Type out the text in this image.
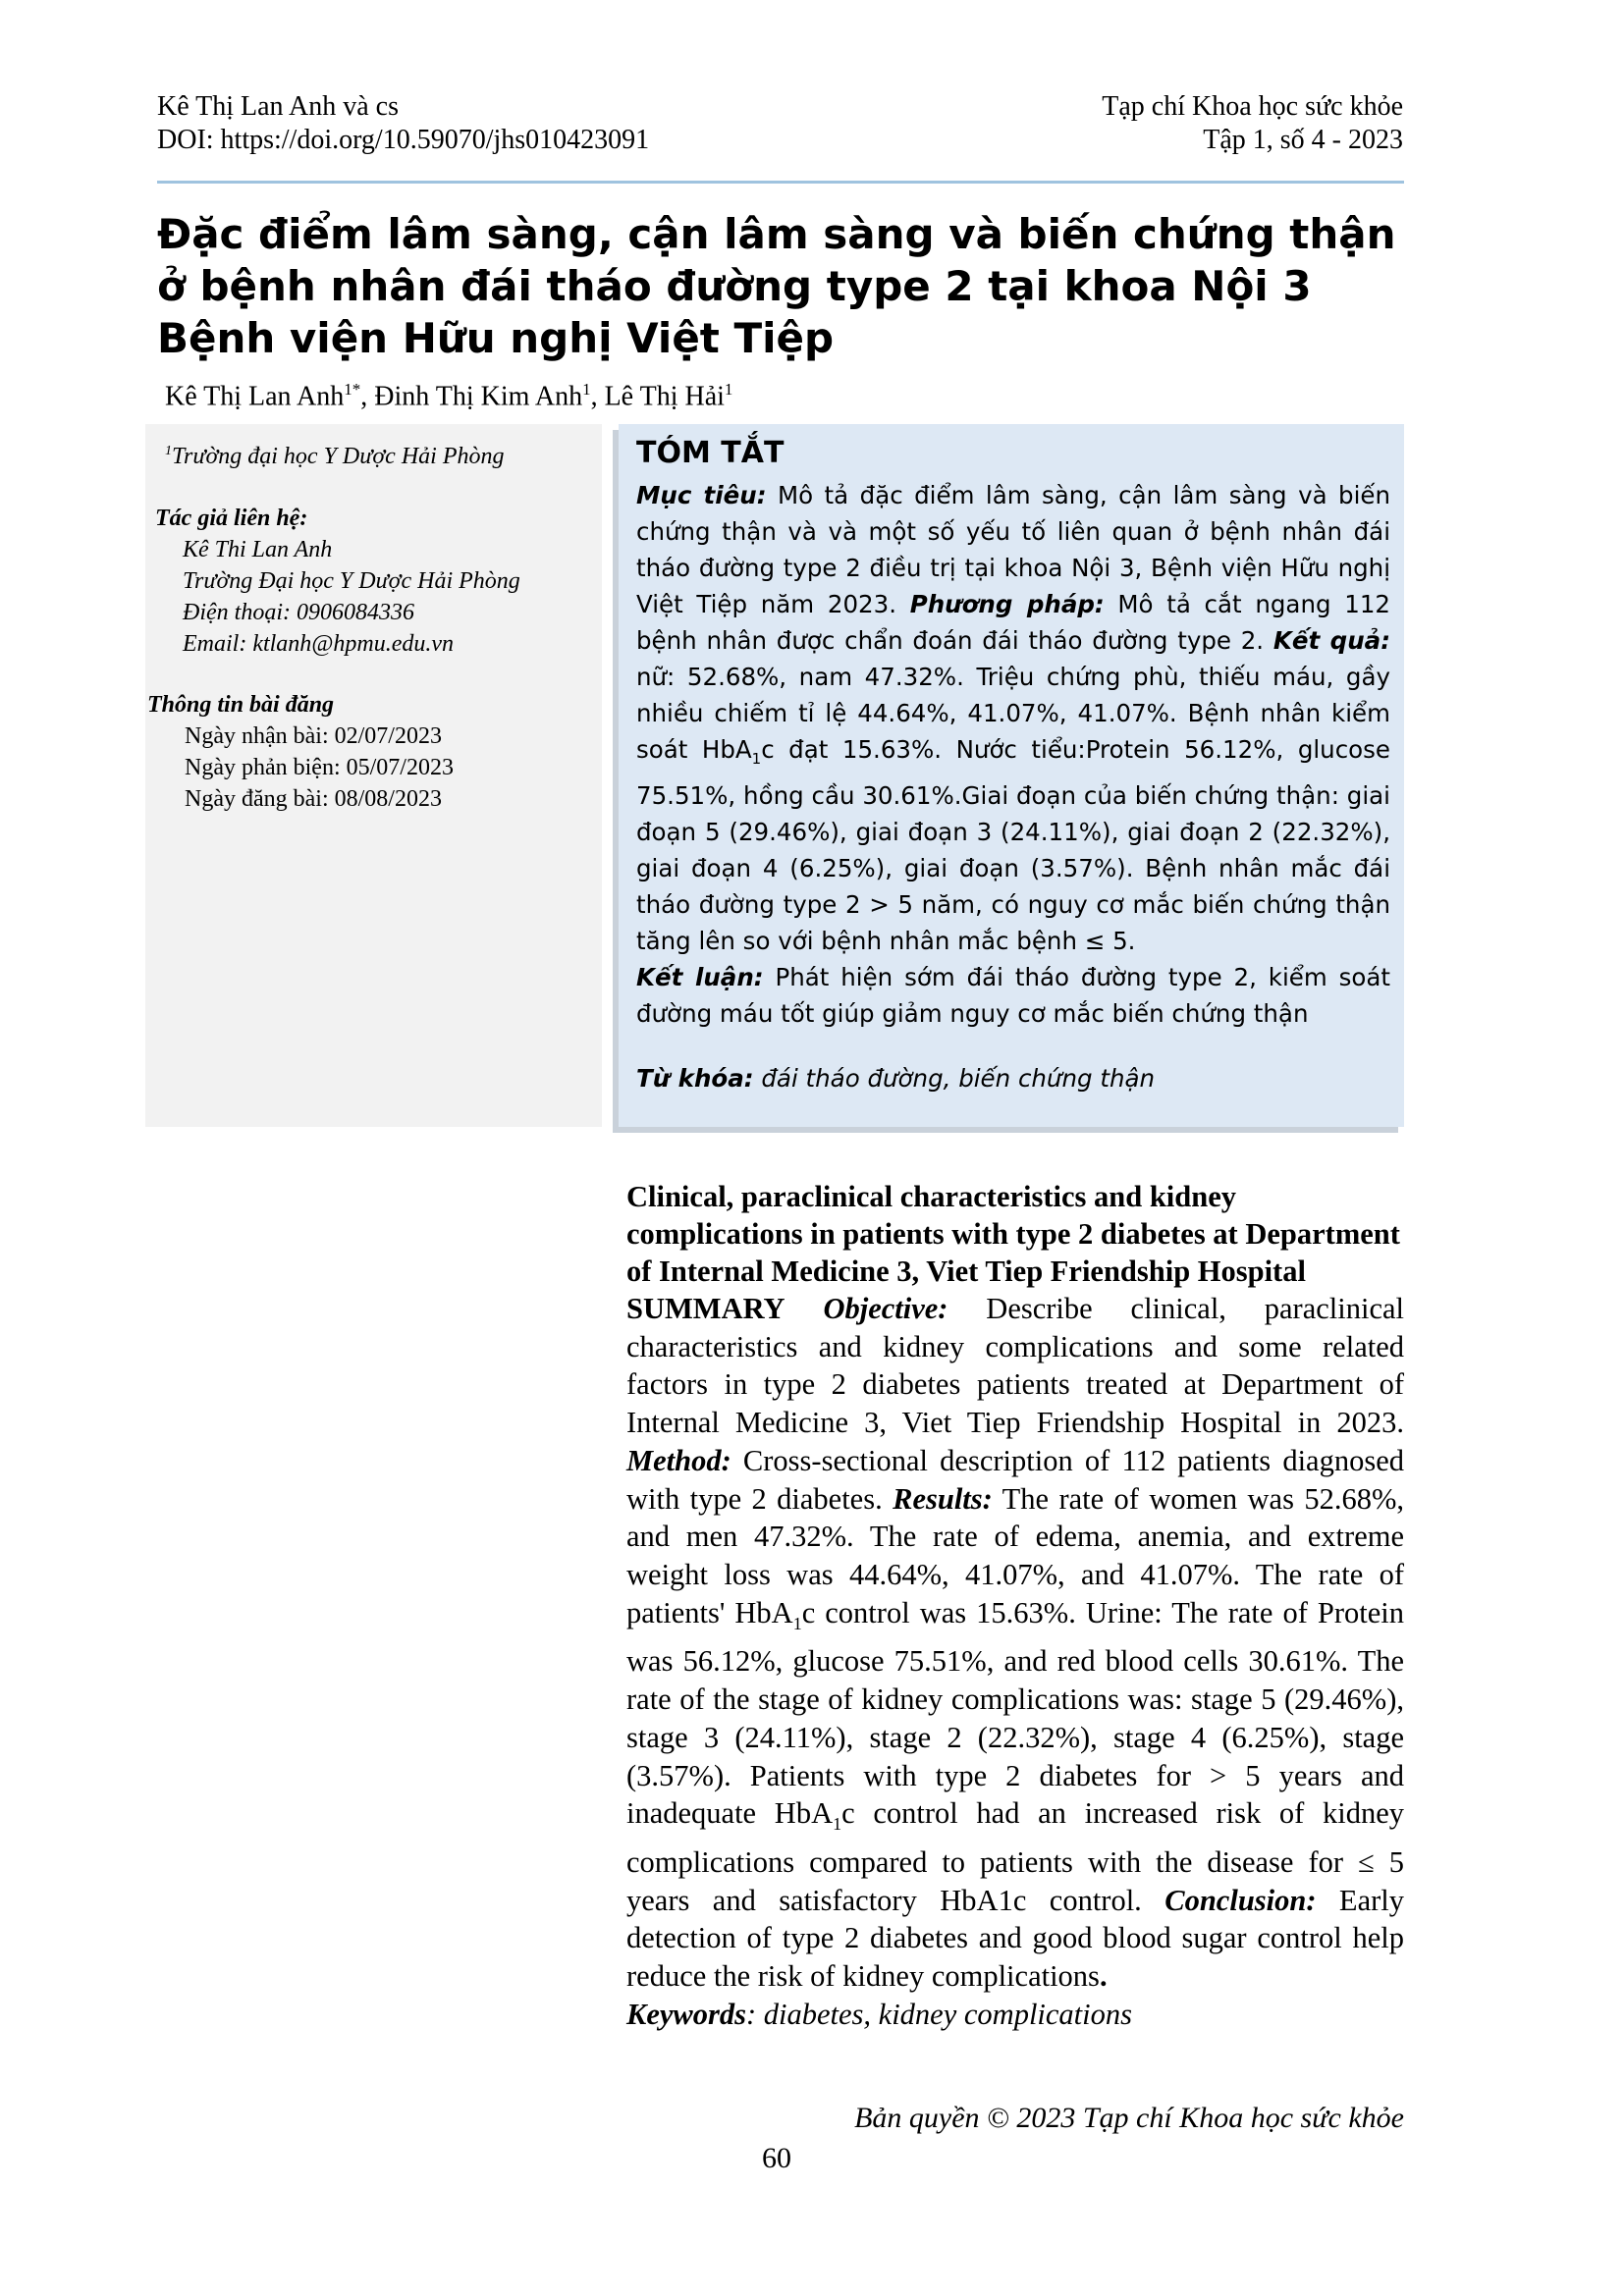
Kê Thị Lan Anh và cs	Tạp chí Khoa học sức khỏe
DOI: https://doi.org/10.59070/jhs010423091	Tập 1, số 4 - 2023
Đặc điểm lâm sàng, cận lâm sàng và biến chứng thận ở bệnh nhân đái tháo đường type 2 tại khoa Nội 3 Bệnh viện Hữu nghị Việt Tiệp
Kê Thị Lan Anh$^{1*}$, Đinh Thị Kim Anh$^1$, Lê Thị Hải$^1$
$^1$Trường đại học Y Dược Hải Phòng
Tác giả liên hệ:
Kê Thi Lan Anh
Trường Đại học Y Dược Hải Phòng
Điện thoại: 0906084336
Email: ktlanh@hpmu.edu.vn
Thông tin bài đăng
Ngày nhận bài: 02/07/2023
Ngày phản biện: 05/07/2023
Ngày đăng bài: 08/08/2023
TÓM TẮT

Mục tiêu: Mô tả đặc điểm lâm sàng, cận lâm sàng và biến chứng thận và và một số yếu tố liên quan ở bệnh nhân đái tháo đường type 2 điều trị tại khoa Nội 3, Bệnh viện Hữu nghị Việt Tiệp năm 2023. Phương pháp: Mô tả cắt ngang 112 bệnh nhân được chẩn đoán đái tháo đường type 2. Kết quả: nữ: 52.68%, nam 47.32%. Triệu chứng phù, thiếu máu, gầy nhiều chiếm tỉ lệ 44.64%, 41.07%, 41.07%. Bệnh nhân kiểm soát HbA$_1$c đạt 15.63%. Nước tiểu:Protein 56.12%, glucose 75.51%, hồng cầu 30.61%.Giai đoạn của biến chứng thận: giai đoạn 5 (29.46%), giai đoạn 3 (24.11%), giai đoạn 2 (22.32%), giai đoạn 4 (6.25%), giai đoạn (3.57%). Bệnh nhân mắc đái tháo đường type 2 > 5 năm, có nguy cơ mắc biến chứng thận tăng lên so với bệnh nhân mắc bệnh ≤ 5.
Kết luận: Phát hiện sớm đái tháo đường type 2, kiểm soát đường máu tốt giúp giảm nguy cơ mắc biến chứng thận

Từ khóa: đái tháo đường, biến chứng thận
Clinical, paraclinical characteristics and kidney complications in patients with type 2 diabetes at Department of Internal Medicine 3, Viet Tiep Friendship Hospital

SUMMARY Objective: Describe clinical, paraclinical characteristics and kidney complications and some related factors in type 2 diabetes patients treated at Department of Internal Medicine 3, Viet Tiep Friendship Hospital in 2023. Method: Cross-sectional description of 112 patients diagnosed with type 2 diabetes. Results: The rate of women was 52.68%, and men 47.32%. The rate of edema, anemia, and extreme weight loss was 44.64%, 41.07%, and 41.07%. The rate of patients' HbA$_1$c control was 15.63%. Urine: The rate of Protein was 56.12%, glucose 75.51%, and red blood cells 30.61%. The rate of the stage of kidney complications was: stage 5 (29.46%), stage 3 (24.11%), stage 2 (22.32%), stage 4 (6.25%), stage (3.57%). Patients with type 2 diabetes for > 5 years and inadequate HbA$_1$c control had an increased risk of kidney complications compared to patients with the disease for ≤ 5 years and satisfactory HbA1c control. Conclusion: Early detection of type 2 diabetes and good blood sugar control help reduce the risk of kidney complications.

Keywords: diabetes, kidney complications

Bản quyền © 2023 Tạp chí Khoa học sức khỏe
60
